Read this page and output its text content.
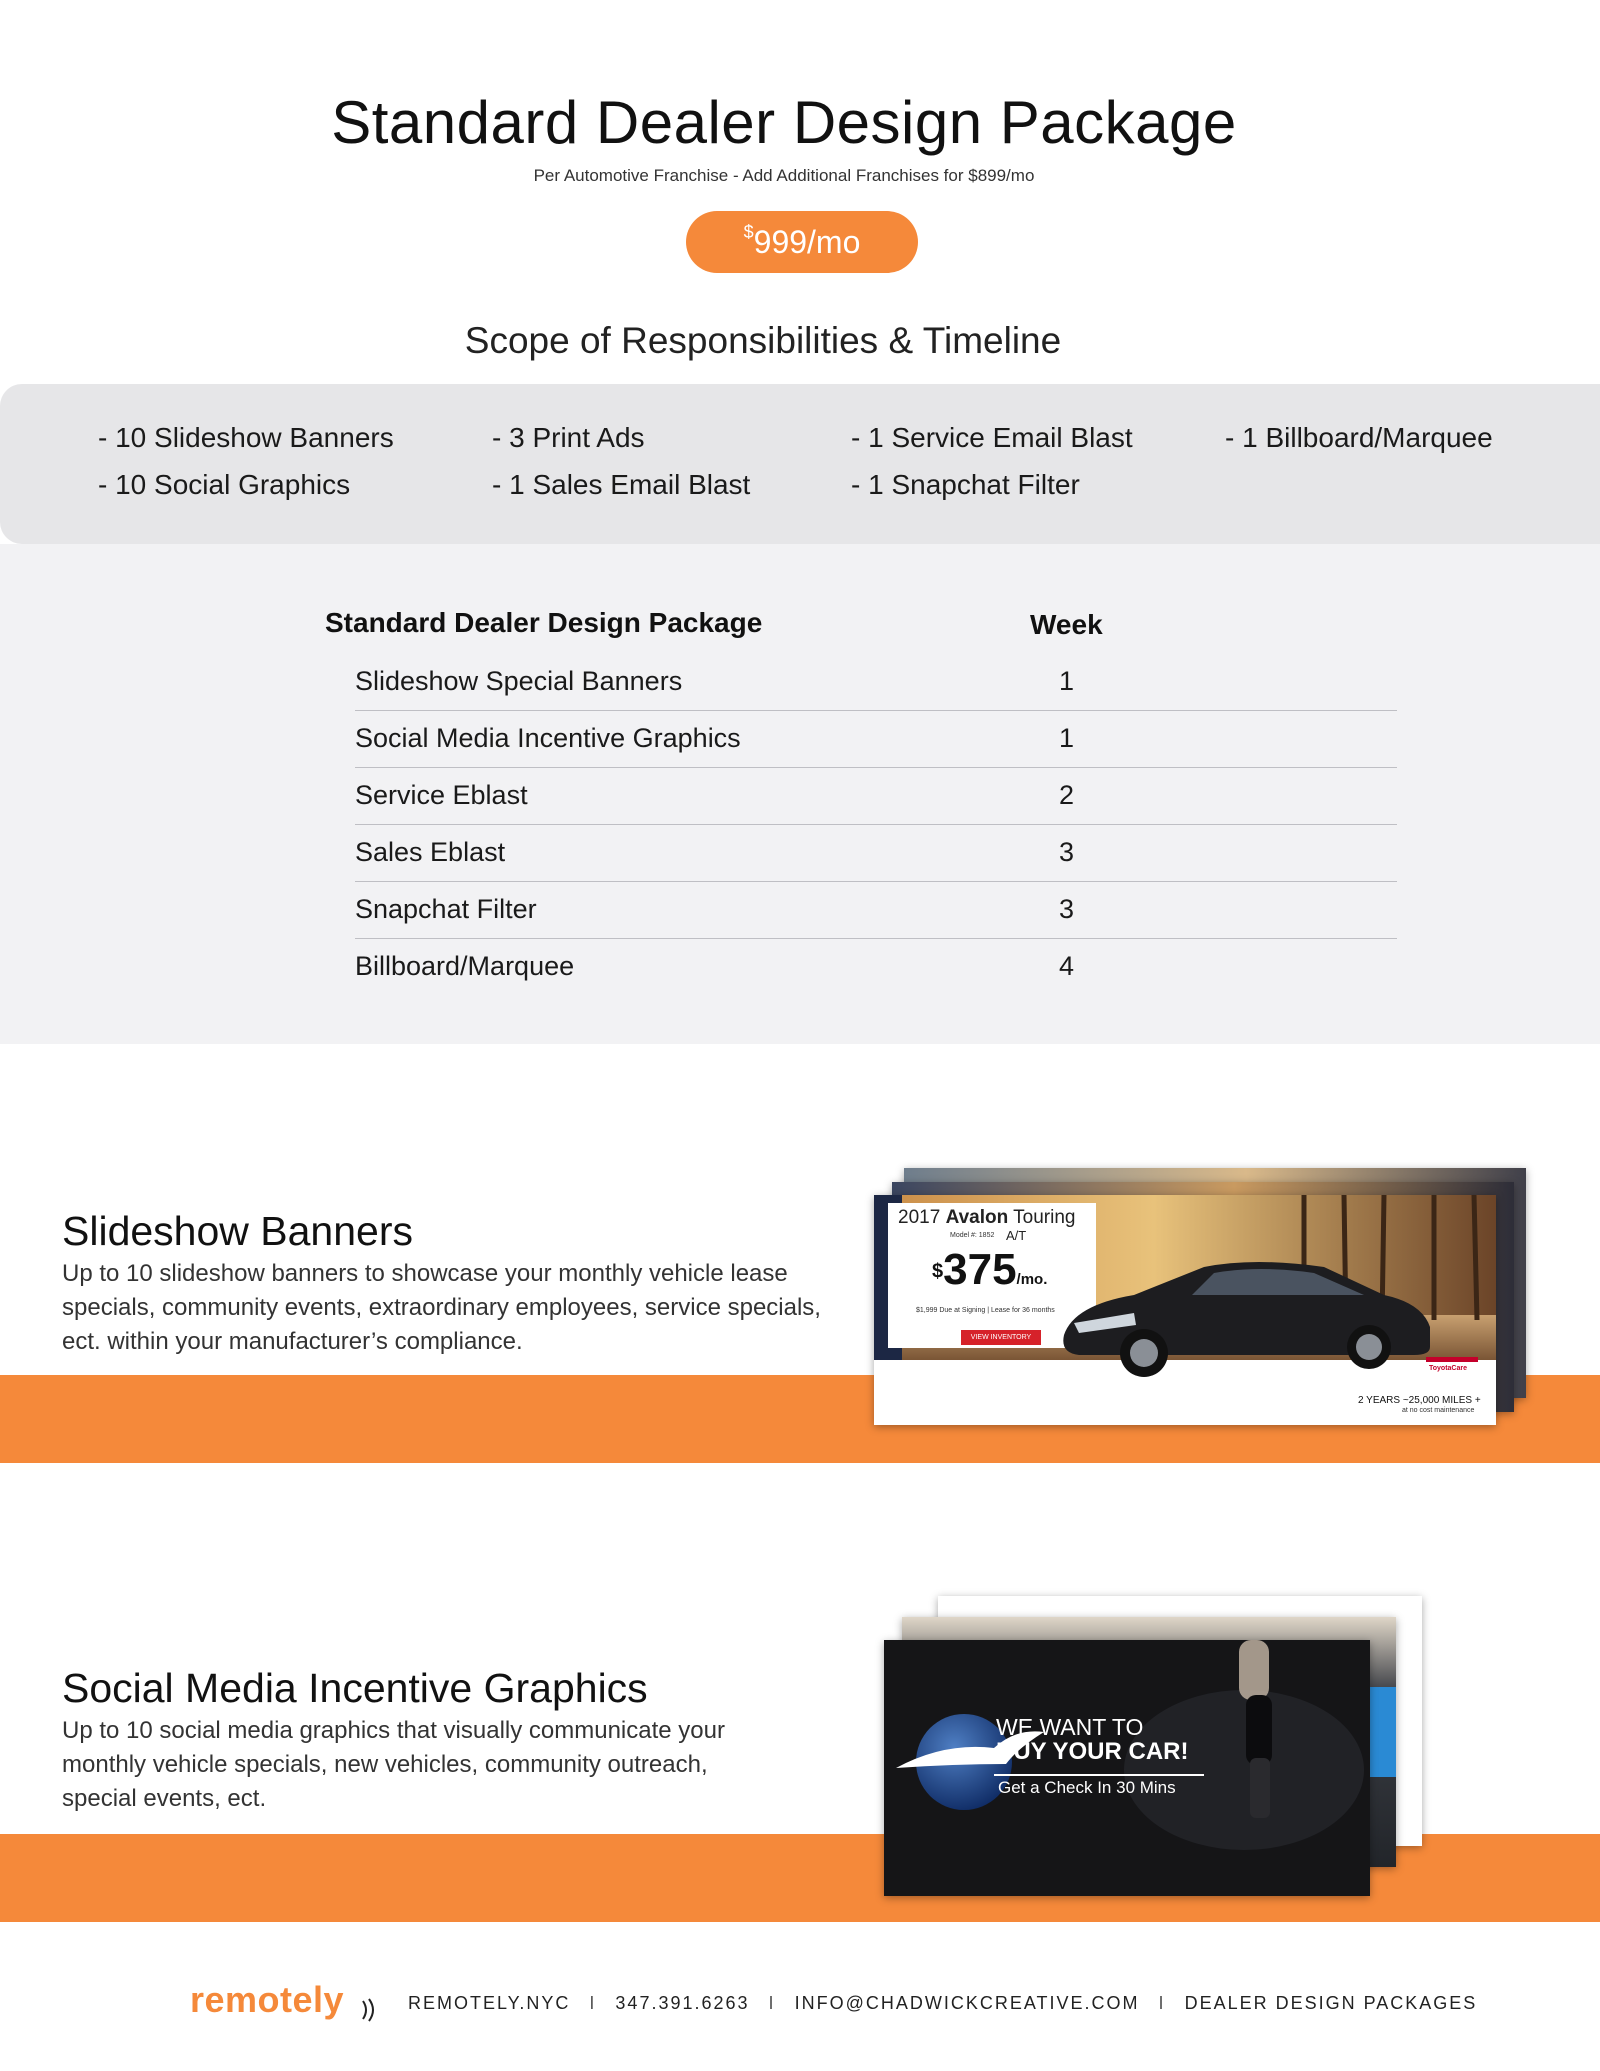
Standard Dealer Design Package
Per Automotive Franchise - Add Additional Franchises for $899/mo
$ 999/mo
Scope of Responsibilities & Timeline
- 10 Slideshow Banners
- 10 Social Graphics
- 3 Print Ads
- 1 Sales Email Blast
- 1 Service Email Blast
- 1 Snapchat Filter
- 1 Billboard/Marquee
Standard Dealer Design Package	Week
Slideshow Special Banners	1
Social Media Incentive Graphics	1
Service Eblast	2
Sales Eblast	3
Snapchat Filter	3
Billboard/Marquee	4
Slideshow Banners
Up to 10 slideshow banners to showcase your monthly vehicle lease specials, community events, extraordinary employees, service specials, ect. within your manufacturer’s compliance.
2017 Avalon Touring
Model #: 1852 A/T
$375/mo.
$1,999 Due at Signing | Lease for 36 months
VIEW INVENTORY
ToyotaCare
2 YEARS ~25,000 MILES +
at no cost maintenance
Social Media Incentive Graphics
Up to 10 social media graphics that visually communicate your monthly vehicle specials, new vehicles, community outreach, special events, ect.
WE WANT TO
BUY YOUR CAR!
Get a Check In 30 Mins
remotely	REMOTELY.NYC I 347.391.6263 I INFO@CHADWICKCREATIVE.COM I DEALER DESIGN PACKAGES
